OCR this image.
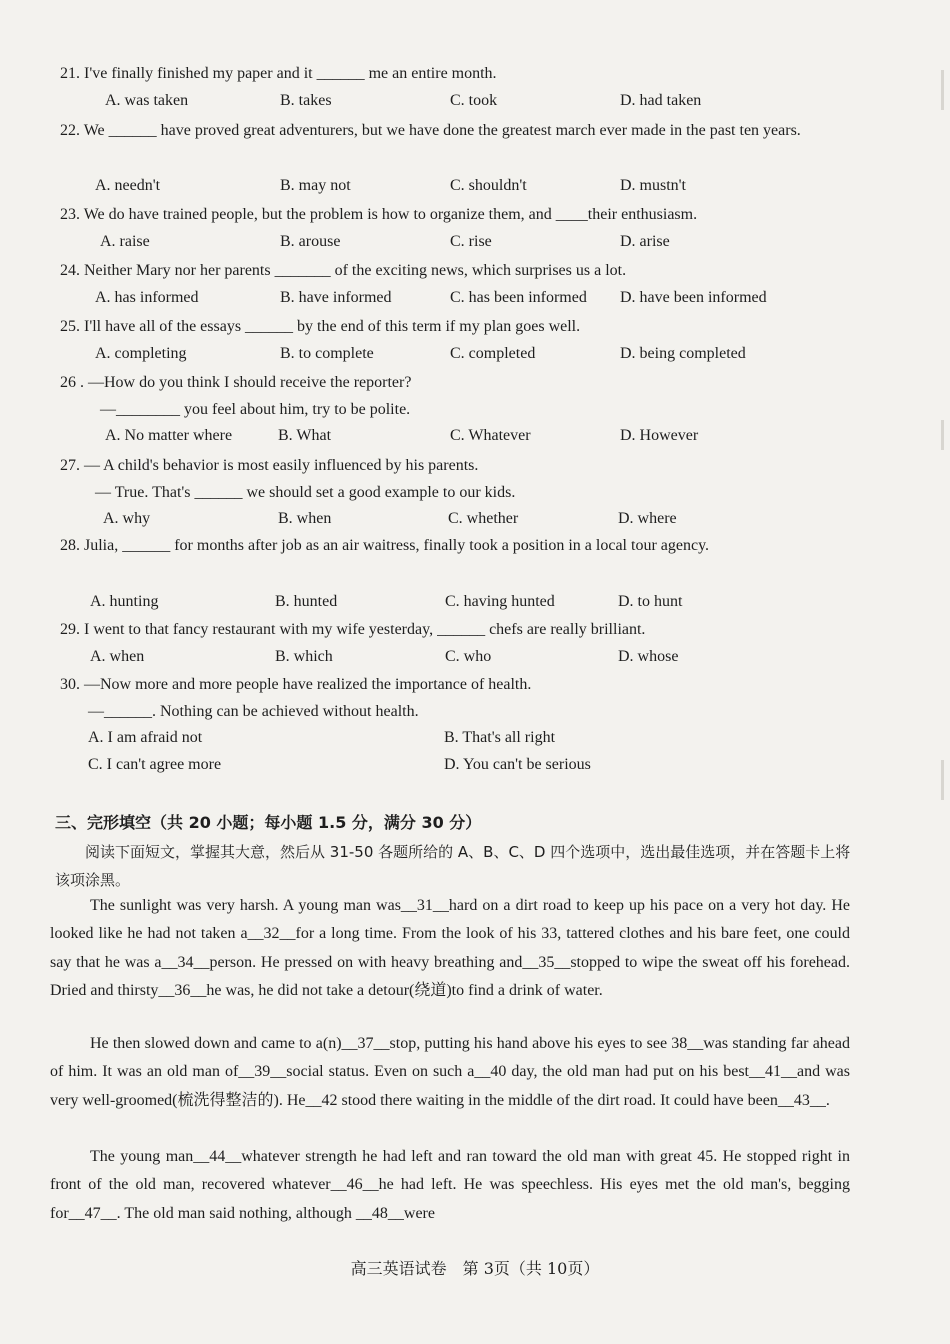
21. I've finally finished my paper and it ______ me an entire month.
A. was taken	B. takes	C. took	D. had taken
22. We ______ have proved great adventurers, but we have done the greatest march ever made in the past ten years.
A. needn't	B. may not	C. shouldn't	D. mustn't
23. We do have trained people, but the problem is how to organize them, and ____their enthusiasm.
A. raise	B. arouse	C. rise	D. arise
24. Neither Mary nor her parents _______ of the exciting news, which surprises us a lot.
A. has informed	B. have informed	C. has been informed D. have been informed
25. I'll have all of the essays ______ by the end of this term if my plan goes well.
A. completing	B. to complete	C. completed	D. being completed
26 . —How do you think I should receive the reporter?
—________ you feel about him, try to be polite.
A. No matter where	B. What	C. Whatever	D. However
27. — A child's behavior is most easily influenced by his parents.
— True. That's ______ we should set a good example to our kids.
A. why	B. when	C. whether	D. where
28. Julia, ______ for months after job as an air waitress, finally took a position in a local tour agency.
A. hunting	B. hunted	C. having hunted	D. to hunt
29. I went to that fancy restaurant with my wife yesterday, ______ chefs are really brilliant.
A. when	B. which	C. who	D. whose
30. —Now more and more people have realized the importance of health.
—______. Nothing can be achieved without health.
A. I am afraid not	B. That's all right
C. I can't agree more	D. You can't be serious
三、完形填空（共 20 小题；每小题 1.5 分，满分 30 分）
阅读下面短文，掌握其大意，然后从 31-50 各题所给的 A、B、C、D 四个选项中，选出最佳选项，并在答题卡上将该项涂黑。
The sunlight was very harsh. A young man was__31__hard on a dirt road to keep up his pace on a very hot day. He looked like he had not taken a__32__for a long time. From the look of his 33, tattered clothes and his bare feet, one could say that he was a__34__person. He pressed on with heavy breathing and__35__stopped to wipe the sweat off his forehead. Dried and thirsty__36__he was, he did not take a detour(绕道)to find a drink of water.
He then slowed down and came to a(n)__37__stop, putting his hand above his eyes to see 38__was standing far ahead of him. It was an old man of__39__social status. Even on such a__40 day, the old man had put on his best__41__and was very well-groomed(梳洗得整洁的). He__42 stood there waiting in the middle of the dirt road. It could have been__43__.
The young man__44__whatever strength he had left and ran toward the old man with great 45. He stopped right in front of the old man, recovered whatever__46__he had left. He was speechless. His eyes met the old man's, begging for__47__. The old man said nothing, although __48__were
高三英语试卷　第 3页（共 10页）
